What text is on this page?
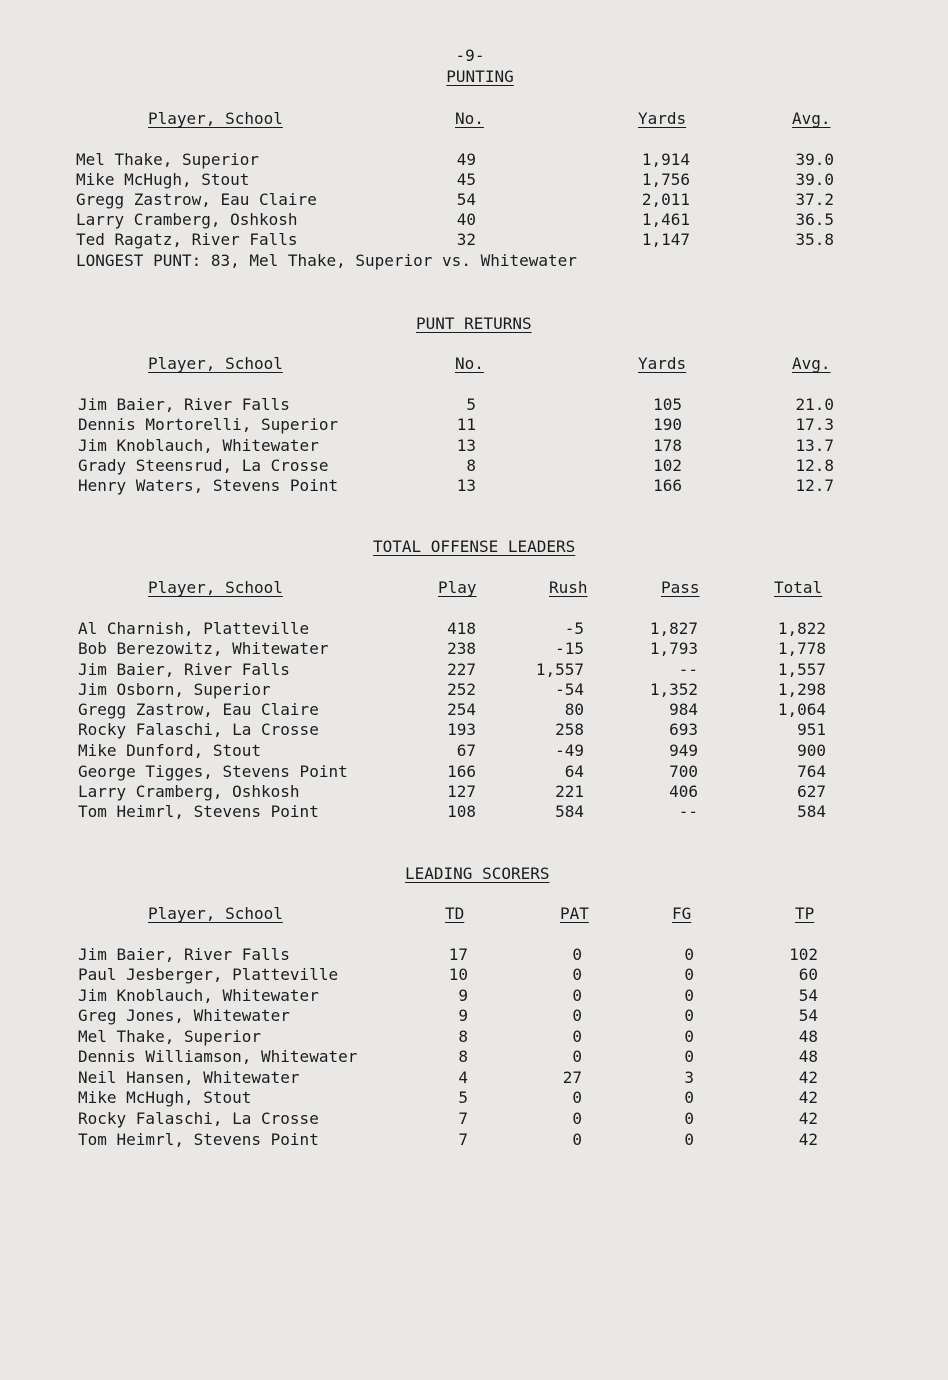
-9-
PUNTING
Player, School	No.	Yards	Avg.
Mel Thake, Superior	49	1,914	39.0
Mike McHugh, Stout	45	1,756	39.0
Gregg Zastrow, Eau Claire	54	2,011	37.2
Larry Cramberg, Oshkosh	40	1,461	36.5
Ted Ragatz, River Falls	32	1,147	35.8
LONGEST PUNT: 83, Mel Thake, Superior vs. Whitewater
PUNT RETURNS
Player, School	No.	Yards	Avg.
Jim Baier, River Falls	5	105	21.0
Dennis Mortorelli, Superior	11	190	17.3
Jim Knoblauch, Whitewater	13	178	13.7
Grady Steensrud, La Crosse	8	102	12.8
Henry Waters, Stevens Point	13	166	12.7
TOTAL OFFENSE LEADERS
Player, School	Play	Rush	Pass	Total
Al Charnish, Platteville	418	-5	1,827	1,822
Bob Berezowitz, Whitewater	238	-15	1,793	1,778
Jim Baier, River Falls	227	1,557	--	1,557
Jim Osborn, Superior	252	-54	1,352	1,298
Gregg Zastrow, Eau Claire	254	80	984	1,064
Rocky Falaschi, La Crosse	193	258	693	951
Mike Dunford, Stout	67	-49	949	900
George Tigges, Stevens Point	166	64	700	764
Larry Cramberg, Oshkosh	127	221	406	627
Tom Heimrl, Stevens Point	108	584	--	584
LEADING SCORERS
Player, School	TD	PAT	FG	TP
Jim Baier, River Falls	17	0	0	102
Paul Jesberger, Platteville	10	0	0	60
Jim Knoblauch, Whitewater	9	0	0	54
Greg Jones, Whitewater	9	0	0	54
Mel Thake, Superior	8	0	0	48
Dennis Williamson, Whitewater	8	0	0	48
Neil Hansen, Whitewater	4	27	3	42
Mike McHugh, Stout	5	0	0	42
Rocky Falaschi, La Crosse	7	0	0	42
Tom Heimrl, Stevens Point	7	0	0	42
